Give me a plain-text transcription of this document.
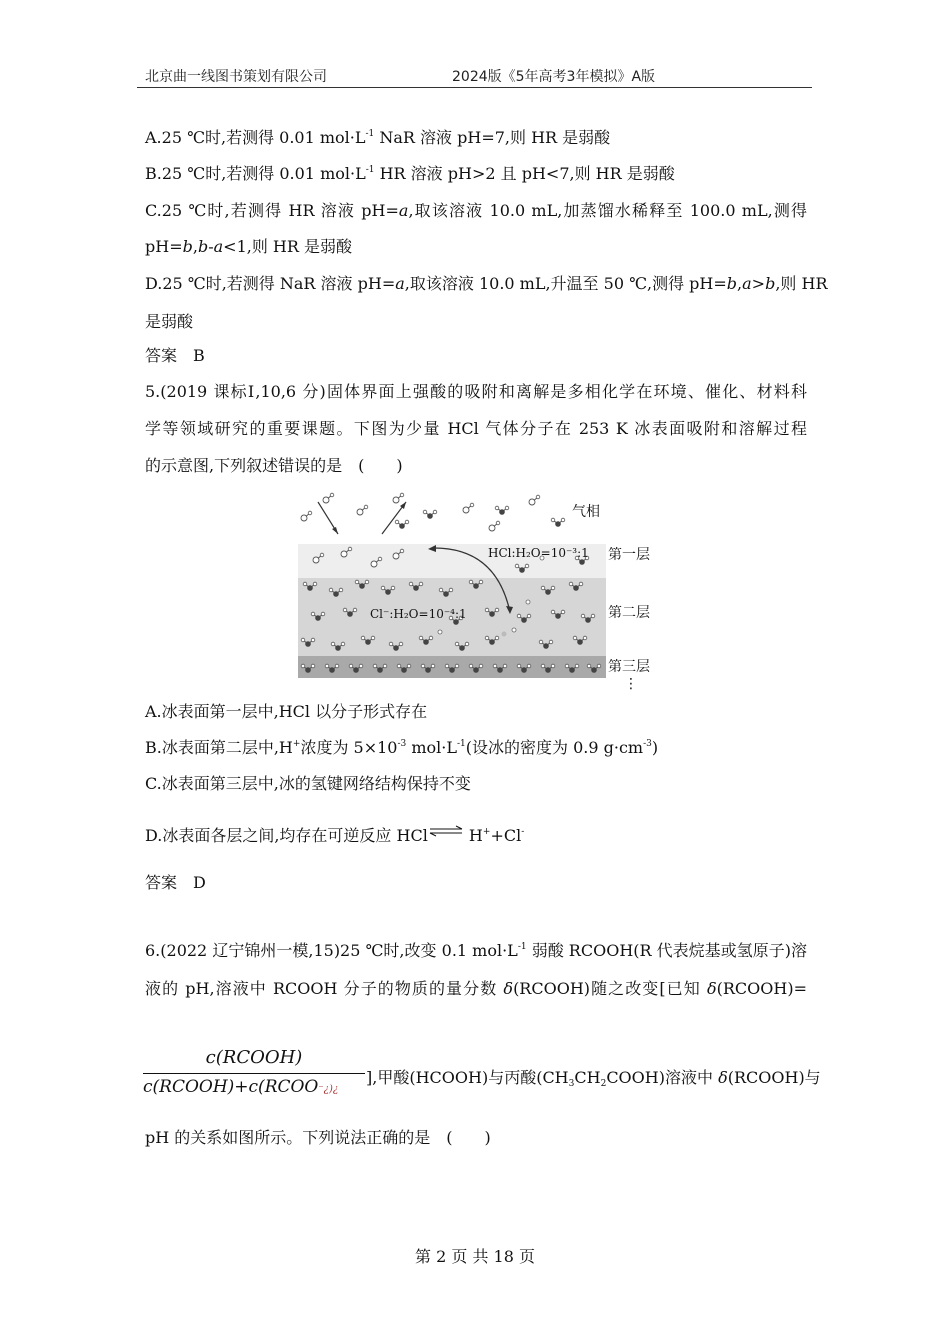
北京曲一线图书策划有限公司	2024版《5年高考3年模拟》A版
A.25 ℃时,若测得 0.01 $mol\cdot L^{-1}$ NaR 溶液 pH=7,则 HR 是弱酸
B.25 ℃时,若测得 0.01 $mol\cdot L^{-1}$ HR 溶液 pH>2 且 pH<7,则 HR 是弱酸
C.25 ℃时,若测得 HR 溶液 pH=a,取该溶液 10.0 mL,加蒸馏水稀释至 100.0 mL,测得
pH=b,b-a<1,则 HR 是弱酸
D.25 ℃时,若测得 NaR 溶液 pH=a,取该溶液 10.0 mL,升温至 50 ℃,测得 pH=b,a>b,则 HR
是弱酸
答案　B
5.(2019 课标Ⅰ,10,6 分)固体界面上强酸的吸附和离解是多相化学在环境、催化、材料科
学等领域研究的重要课题。下图为少量 HCl 气体分子在 253 K 冰表面吸附和溶解过程
的示意图,下列叙述错误的是　(　　)
HCl:H₂O=10⁻³:1
Cl⁻:H₂O=10⁻⁴:1
气相
第一层
第二层
第三层
⋮
A.冰表面第一层中,HCl 以分子形式存在
B.冰表面第二层中,H+浓度为 $5\times 10^{-3}$ $mol\cdot L^{-1}$(设冰的密度为 0.9 $g\cdot cm^{-3}$)
C.冰表面第三层中,冰的氢键网络结构保持不变
D.冰表面各层之间,均存在可逆反应 HCl⇌ H++Cl-
答案　D
6.(2022 辽宁锦州一模,15)25 ℃时,改变 0.1 $mol\cdot L^{-1}$ 弱酸 RCOOH(R 代表烷基或氢原子)溶
液的 pH,溶液中 RCOOH 分子的物质的量分数 δ(RCOOH)随之改变[已知 δ(RCOOH)=
c(RCOOH)
c(RCOOH)+c(RCOO⁻¿)¿
],甲酸(HCOOH)与丙酸$(CH_3CH_2COOH)$溶液中 δ(RCOOH)与
pH 的关系如图所示。下列说法正确的是　(　　)
第 2 页 共 18 页
